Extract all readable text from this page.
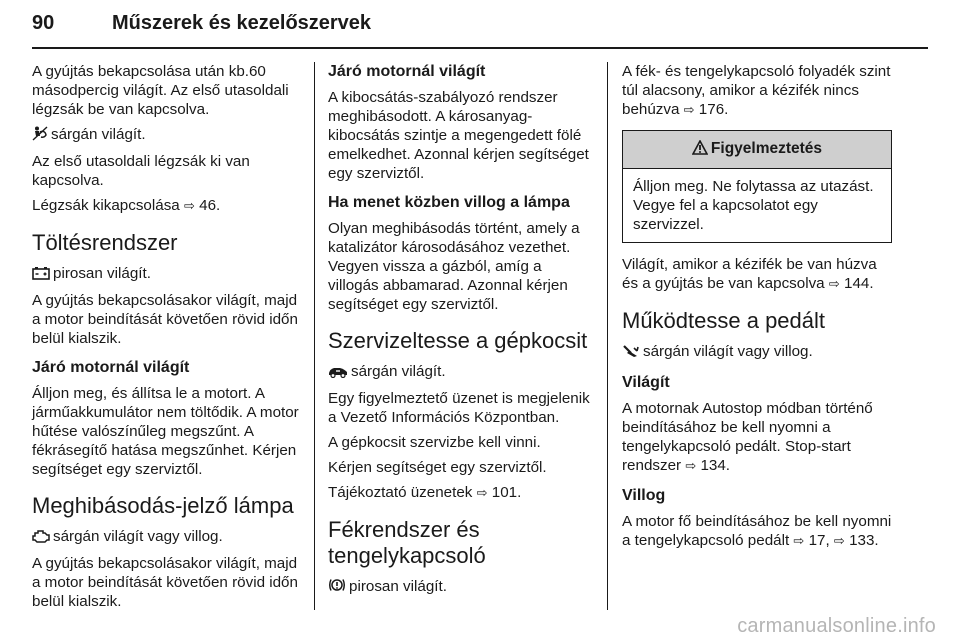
90	Műszerek és kezelőszervek

A gyújtás bekapcsolása után kb.60 másodpercig világít. Az első utasoldali légzsák be van kapcsolva.

sárgán világít.

Az első utasoldali légzsák ki van kapcsolva.

Légzsák kikapcsolása ⇨ 46.

Töltésrendszer

pirosan világít.

A gyújtás bekapcsolásakor világít, majd a motor beindítását követően rövid időn belül kialszik.

Járó motornál világít

Álljon meg, és állítsa le a motort. A járműakkumulátor nem töltődik. A motor hűtése valószínűleg megszűnt. A fékrásegítő hatása megszűnhet. Kérjen segítséget egy szerviztől.

Meghibásodás-jelző lámpa

sárgán világít vagy villog.

A gyújtás bekapcsolásakor világít, majd a motor beindítását követően rövid időn belül kialszik.

Járó motornál világít

A kibocsátás-szabályozó rendszer meghibásodott. A károsanyag-kibocsátás szintje a megengedett fölé emelkedhet. Azonnal kérjen segítséget egy szerviztől.

Ha menet közben villog a lámpa

Olyan meghibásodás történt, amely a katalizátor károsodásához vezethet. Vegyen vissza a gázból, amíg a villogás abbamarad. Azonnal kérjen segítséget egy szerviztől.

Szervizeltesse a gépkocsit

sárgán világít.

Egy figyelmeztető üzenet is megjelenik a Vezető Információs Központban.

A gépkocsit szervizbe kell vinni.

Kérjen segítséget egy szerviztől.

Tájékoztató üzenetek ⇨ 101.

Fékrendszer és tengelykapcsoló

pirosan világít.

A fék- és tengelykapcsoló folyadék szint túl alacsony, amikor a kézifék nincs behúzva ⇨ 176.

Figyelmeztetés

Álljon meg. Ne folytassa az utazást. Vegye fel a kapcsolatot egy szervizzel.

Világít, amikor a kézifék be van húzva és a gyújtás be van kapcsolva ⇨ 144.

Működtesse a pedált

sárgán világít vagy villog.

Világít

A motornak Autostop módban történő beindításához be kell nyomni a tengelykapcsoló pedált. Stop-start rendszer ⇨ 134.

Villog

A motor fő beindításához be kell nyomni a tengelykapcsoló pedált ⇨ 17, ⇨ 133.

carmanualsonline.info
